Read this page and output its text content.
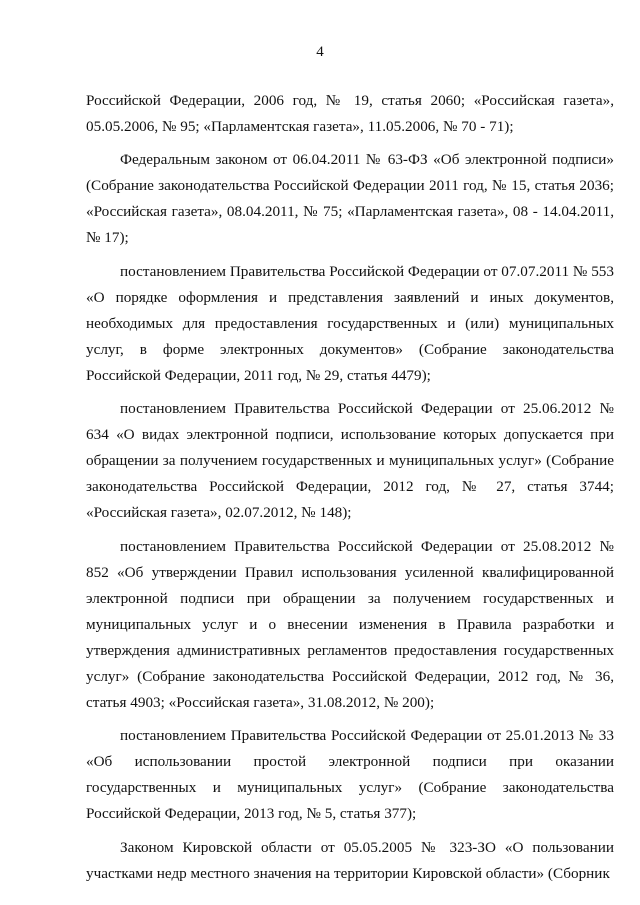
4

Российской Федерации, 2006 год, № 19, статья 2060; «Российская газета», 05.05.2006, № 95; «Парламентская газета», 11.05.2006, № 70 - 71);

Федеральным законом от 06.04.2011 № 63-ФЗ «Об электронной подписи» (Собрание законодательства Российской Федерации 2011 год, № 15, статья 2036; «Российская газета», 08.04.2011, № 75; «Парламентская газета», 08 - 14.04.2011, № 17);

постановлением Правительства Российской Федерации от 07.07.2011 № 553 «О порядке оформления и представления заявлений и иных документов, необходимых для предоставления государственных и (или) муниципальных услуг, в форме электронных документов» (Собрание законодательства Российской Федерации, 2011 год, № 29, статья 4479);

постановлением Правительства Российской Федерации от 25.06.2012 № 634 «О видах электронной подписи, использование которых допускается при обращении за получением государственных и муниципальных услуг» (Собрание законодательства Российской Федерации, 2012 год, № 27, статья 3744; «Российская газета», 02.07.2012, № 148);

постановлением Правительства Российской Федерации от 25.08.2012 № 852 «Об утверждении Правил использования усиленной квалифицированной электронной подписи при обращении за получением государственных и муниципальных услуг и о внесении изменения в Правила разработки и утверждения административных регламентов предоставления государственных услуг» (Собрание законодательства Российской Федерации, 2012 год, № 36, статья 4903; «Российская газета», 31.08.2012, № 200);

постановлением Правительства Российской Федерации от 25.01.2013 № 33 «Об использовании простой электронной подписи при оказании государственных и муниципальных услуг» (Собрание законодательства Российской Федерации, 2013 год, № 5, статья 377);

Законом Кировской области от 05.05.2005 № 323-ЗО «О пользовании участками недр местного значения на территории Кировской области» (Сборник
